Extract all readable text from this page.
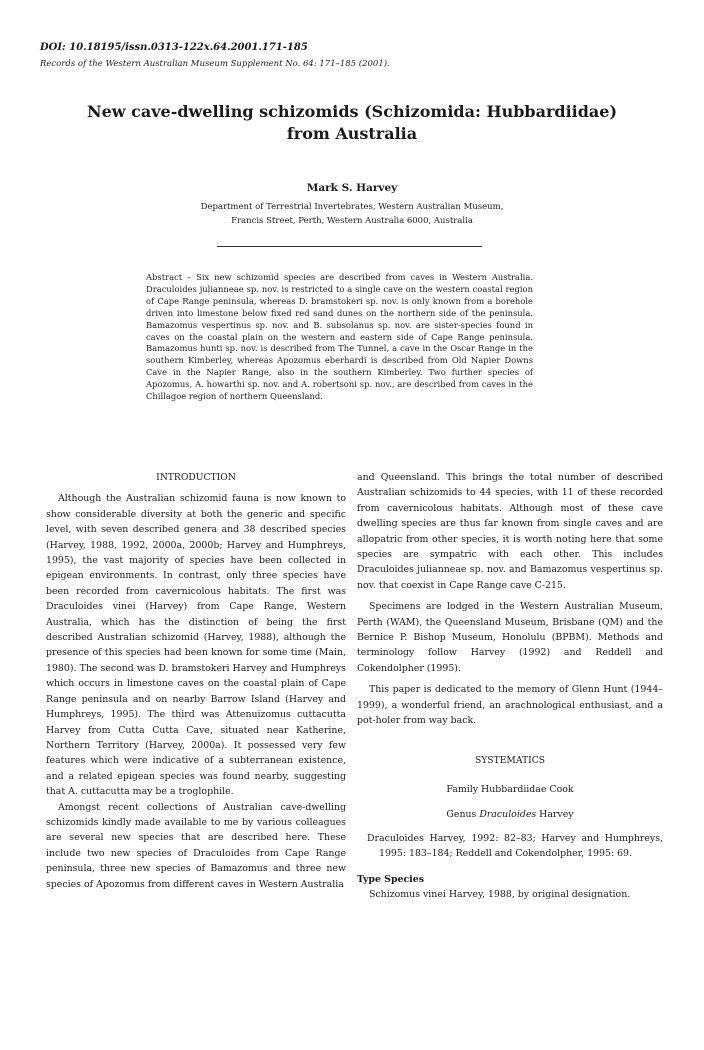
DOI: 10.18195/issn.0313-122x.64.2001.171-185
Records of the Western Australian Museum Supplement No. 64: 171–185 (2001).
New cave-dwelling schizomids (Schizomida: Hubbardiidae)
from Australia
Mark S. Harvey
Department of Terrestrial Invertebrates, Western Australian Museum,
Francis Street, Perth, Western Australia 6000, Australia
Abstract – Six new schizomid species are described from caves in Western Australia. Draculoides julianneae sp. nov. is restricted to a single cave on the western coastal region of Cape Range peninsula, whereas D. bramstokeri sp. nov. is only known from a borehole driven into limestone below fixed red sand dunes on the northern side of the peninsula. Bamazomus vespertinus sp. nov. and B. subsolanus sp. nov. are sister-species found in caves on the coastal plain on the western and eastern side of Cape Range peninsula. Bamazomus hunti sp. nov. is described from The Tunnel, a cave in the Oscar Range in the southern Kimberley, whereas Apozomus eberhardi is described from Old Napier Downs Cave in the Napier Range, also in the southern Kimberley. Two further species of Apozomus, A. howarthi sp. nov. and A. robertsoni sp. nov., are described from caves in the Chillagoe region of northern Queensland.

INTRODUCTION

Although the Australian schizomid fauna is now known to show considerable diversity at both the generic and specific level, with seven described genera and 38 described species (Harvey, 1988, 1992, 2000a, 2000b; Harvey and Humphreys, 1995), the vast majority of species have been collected in epigean environments. In contrast, only three species have been recorded from cavernicolous habitats. The first was Draculoides vinei (Harvey) from Cape Range, Western Australia, which has the distinction of being the first described Australian schizomid (Harvey, 1988), although the presence of this species had been known for some time (Main, 1980). The second was D. bramstokeri Harvey and Humphreys which occurs in limestone caves on the coastal plain of Cape Range peninsula and on nearby Barrow Island (Harvey and Humphreys, 1995). The third was Attenuizomus cuttacutta Harvey from Cutta Cutta Cave, situated near Katherine, Northern Territory (Harvey, 2000a). It possessed very few features which were indicative of a subterranean existence, and a related epigean species was found nearby, suggesting that A. cuttacutta may be a troglophile.

Amongst recent collections of Australian cave-dwelling schizomids kindly made available to me by various colleagues are several new species that are described here. These include two new species of Draculoides from Cape Range peninsula, three new species of Bamazomus and three new species of Apozomus from different caves in Western Australia

and Queensland. This brings the total number of described Australian schizomids to 44 species, with 11 of these recorded from cavernicolous habitats. Although most of these cave dwelling species are thus far known from single caves and are allopatric from other species, it is worth noting here that some species are sympatric with each other. This includes Draculoides julianneae sp. nov. and Bamazomus vespertinus sp. nov. that coexist in Cape Range cave C-215.

Specimens are lodged in the Western Australian Museum, Perth (WAM), the Queensland Museum, Brisbane (QM) and the Bernice P. Bishop Museum, Honolulu (BPBM). Methods and terminology follow Harvey (1992) and Reddell and Cokendolpher (1995).

This paper is dedicated to the memory of Glenn Hunt (1944–1999), a wonderful friend, an arachnological enthusiast, and a pot-holer from way back.

SYSTEMATICS

Family Hubbardiidae Cook

Genus Draculoides Harvey

Draculoides Harvey, 1992: 82–83; Harvey and Humphreys, 1995: 183–184; Reddell and Cokendolpher, 1995: 69.

Type Species

Schizomus vinei Harvey, 1988, by original designation.
